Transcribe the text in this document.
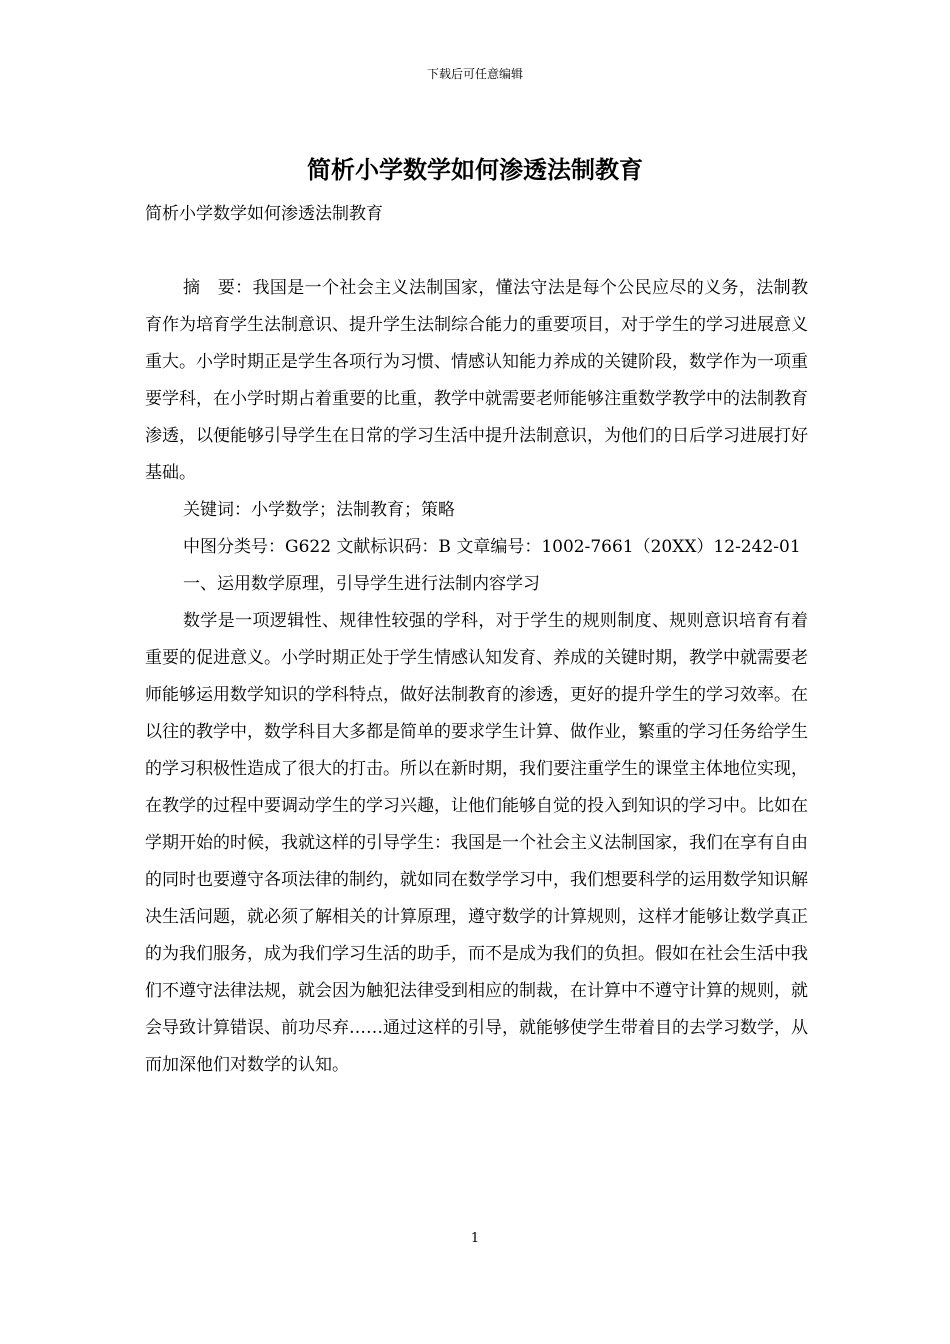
下载后可任意编辑
简析小学数学如何渗透法制教育

简析小学数学如何渗透法制教育

摘　要：我国是一个社会主义法制国家，懂法守法是每个公民应尽的义务，法制教育作为培育学生法制意识、提升学生法制综合能力的重要项目，对于学生的学习进展意义重大。小学时期正是学生各项行为习惯、情感认知能力养成的关键阶段，数学作为一项重要学科，在小学时期占着重要的比重，教学中就需要老师能够注重数学教学中的法制教育渗透，以便能够引导学生在日常的学习生活中提升法制意识，为他们的日后学习进展打好基础。

关键词：小学数学；法制教育；策略

中图分类号：G622 文献标识码：B 文章编号：1002-7661（20XX）12-242-01

一、运用数学原理，引导学生进行法制内容学习

数学是一项逻辑性、规律性较强的学科，对于学生的规则制度、规则意识培育有着重要的促进意义。小学时期正处于学生情感认知发育、养成的关键时期，教学中就需要老师能够运用数学知识的学科特点，做好法制教育的渗透，更好的提升学生的学习效率。在以往的教学中，数学科目大多都是简单的要求学生计算、做作业，繁重的学习任务给学生的学习积极性造成了很大的打击。所以在新时期，我们要注重学生的课堂主体地位实现，在教学的过程中要调动学生的学习兴趣，让他们能够自觉的投入到知识的学习中。比如在学期开始的时候，我就这样的引导学生：我国是一个社会主义法制国家，我们在享有自由的同时也要遵守各项法律的制约，就如同在数学学习中，我们想要科学的运用数学知识解决生活问题，就必须了解相关的计算原理，遵守数学的计算规则，这样才能够让数学真正的为我们服务，成为我们学习生活的助手，而不是成为我们的负担。假如在社会生活中我们不遵守法律法规，就会因为触犯法律受到相应的制裁，在计算中不遵守计算的规则，就会导致计算错误、前功尽弃……通过这样的引导，就能够使学生带着目的去学习数学，从而加深他们对数学的认知。

1
